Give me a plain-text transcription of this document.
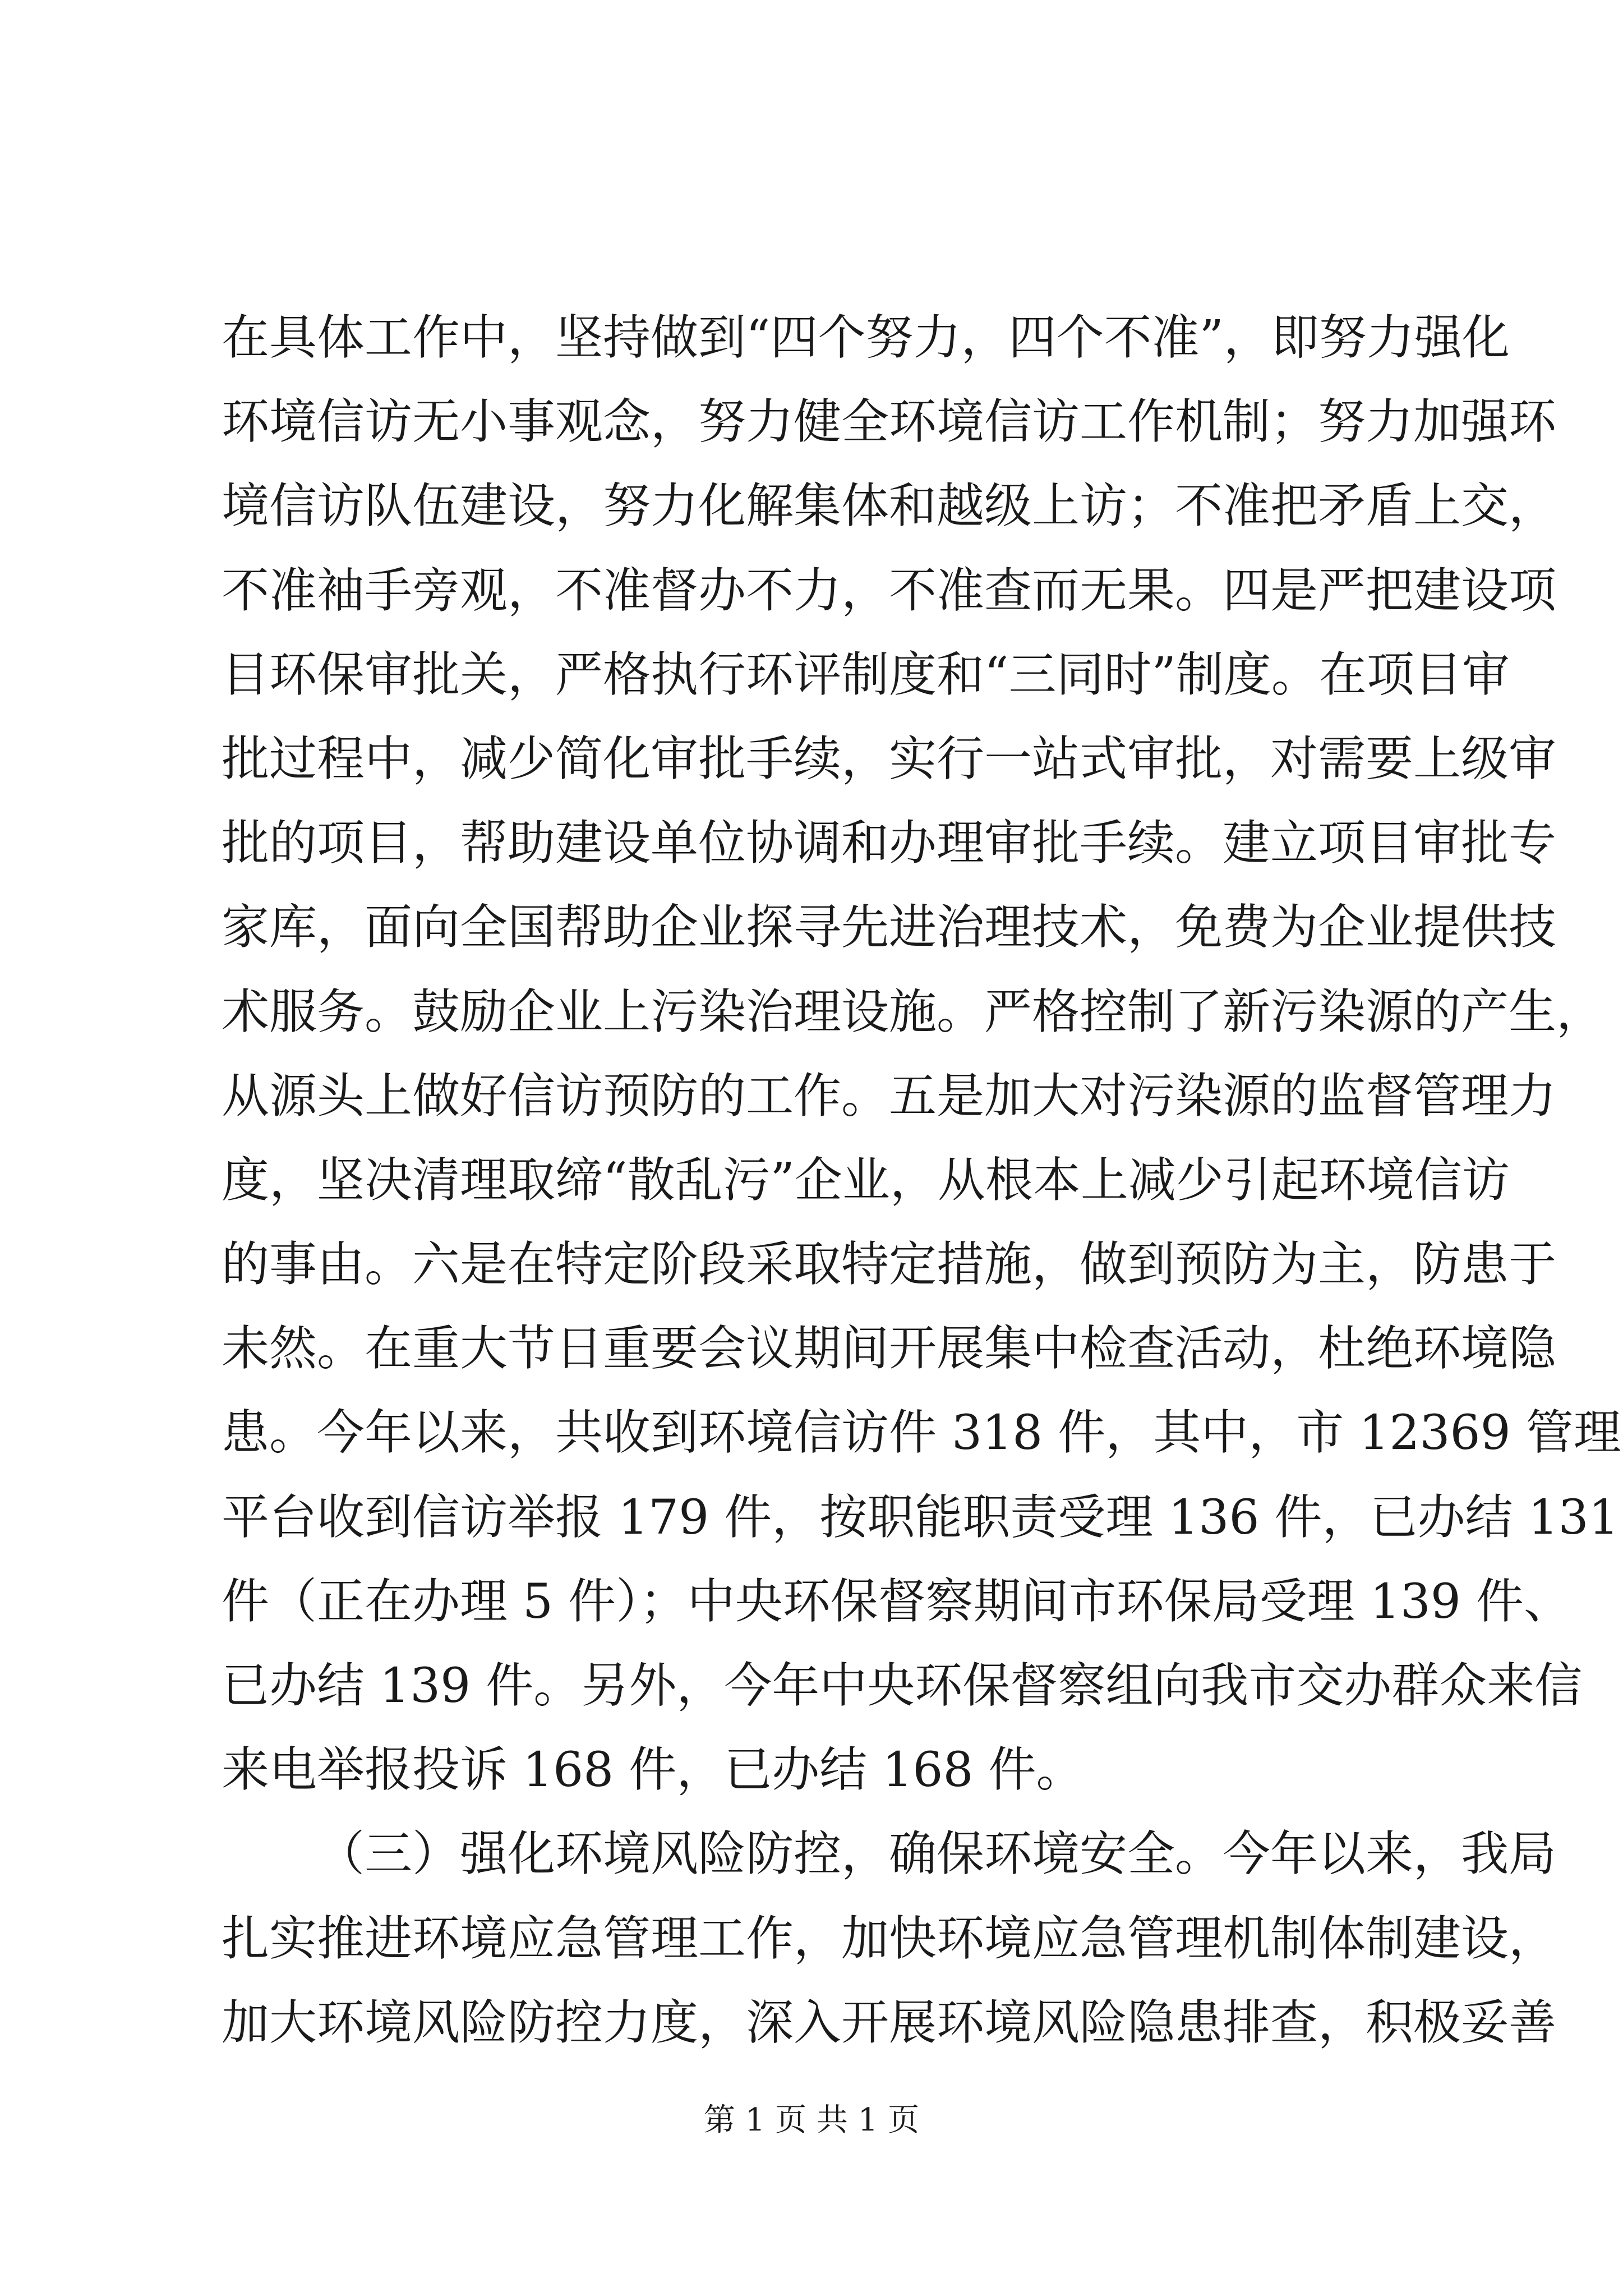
在具体工作中，坚持做到“四个努力，四个不准”，即努力强化
环境信访无小事观念，努力健全环境信访工作机制；努力加强环
境信访队伍建设，努力化解集体和越级上访；不准把矛盾上交，
不准袖手旁观，不准督办不力，不准查而无果。四是严把建设项
目环保审批关，严格执行环评制度和“三同时”制度。在项目审
批过程中，减少简化审批手续，实行一站式审批，对需要上级审
批的项目，帮助建设单位协调和办理审批手续。建立项目审批专
家库，面向全国帮助企业探寻先进治理技术，免费为企业提供技
术服务。鼓励企业上污染治理设施。严格控制了新污染源的产生，
从源头上做好信访预防的工作。五是加大对污染源的监督管理力
度，坚决清理取缔“散乱污”企业，从根本上减少引起环境信访
的事由。六是在特定阶段采取特定措施，做到预防为主，防患于
未然。在重大节日重要会议期间开展集中检查活动，杜绝环境隐
患。今年以来，共收到环境信访件 318 件，其中，市 12369 管理
平台收到信访举报 179 件，按职能职责受理 136 件，已办结 131
件（正在办理 5 件）；中央环保督察期间市环保局受理 139 件、
已办结 139 件。另外，今年中央环保督察组向我市交办群众来信
来电举报投诉 168 件，已办结 168 件。
（三）强化环境风险防控，确保环境安全。今年以来，我局
扎实推进环境应急管理工作，加快环境应急管理机制体制建设，
加大环境风险防控力度，深入开展环境风险隐患排查，积极妥善
第 1 页 共 1 页
